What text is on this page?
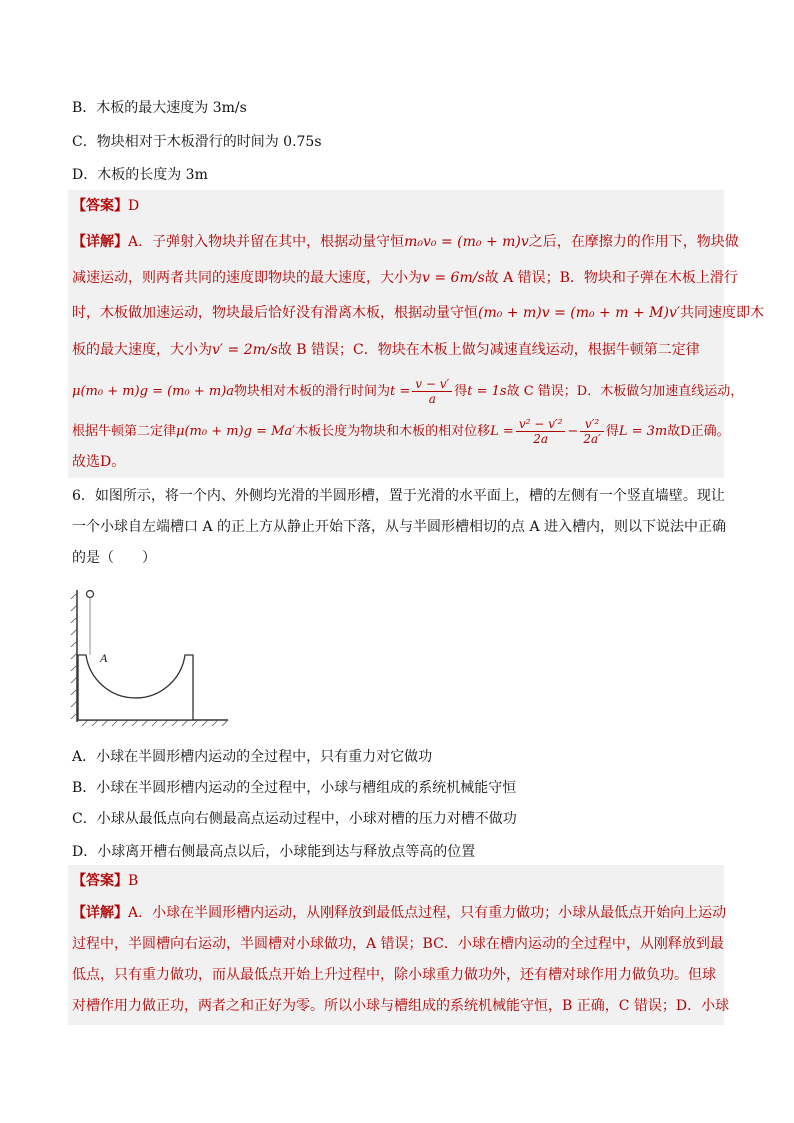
B．木板的最大速度为 3m/s
C．物块相对于木板滑行的时间为 0.75s
D．木板的长度为 3m
【答案】D
【详解】A．子弹射入物块并留在其中，根据动量守恒m₀v₀ = (m₀ + m)v之后，在摩擦力的作用下，物块做
减速运动，则两者共同的速度即物块的最大速度，大小为v = 6m/s故 A 错误；B．物块和子弹在木板上滑行
时，木板做加速运动，物块最后恰好没有滑离木板，根据动量守恒(m₀ + m)v = (m₀ + m + M)v′共同速度即木
板的最大速度，大小为v′ = 2m/s故 B 错误；C．物块在木板上做匀减速直线运动，根据牛顿第二定律
μ(m₀ + m)g = (m₀ + m)a物块相对木板的滑行时间为$t = \frac{v - v'}{a}$ 得t = 1s故 C 错误；D．木板做匀加速直线运动，
根据牛顿第二定律μ(m₀ + m)g = Ma′木板长度为物块和木板的相对位移$L = \frac{\text{v² − v′²}}{2a} - \frac{\text{v′²}}{2a'}$ 得L = 3m故D正确。
故选D。
6．如图所示，将一个内、外侧均光滑的半圆形槽，置于光滑的水平面上，槽的左侧有一个竖直墙壁。现让
一个小球自左端槽口 A 的正上方从静止开始下落，从与半圆形槽相切的点 A 进入槽内，则以下说法中正确
的是（　　）
A
A．小球在半圆形槽内运动的全过程中，只有重力对它做功
B．小球在半圆形槽内运动的全过程中，小球与槽组成的系统机械能守恒
C．小球从最低点向右侧最高点运动过程中，小球对槽的压力对槽不做功
D．小球离开槽右侧最高点以后，小球能到达与释放点等高的位置
【答案】B
【详解】A．小球在半圆形槽内运动，从刚释放到最低点过程，只有重力做功；小球从最低点开始向上运动
过程中，半圆槽向右运动，半圆槽对小球做功，A 错误；BC．小球在槽内运动的全过程中，从刚释放到最
低点，只有重力做功，而从最低点开始上升过程中，除小球重力做功外，还有槽对球作用力做负功。但球
对槽作用力做正功，两者之和正好为零。所以小球与槽组成的系统机械能守恒，B 正确，C 错误；D．小球
